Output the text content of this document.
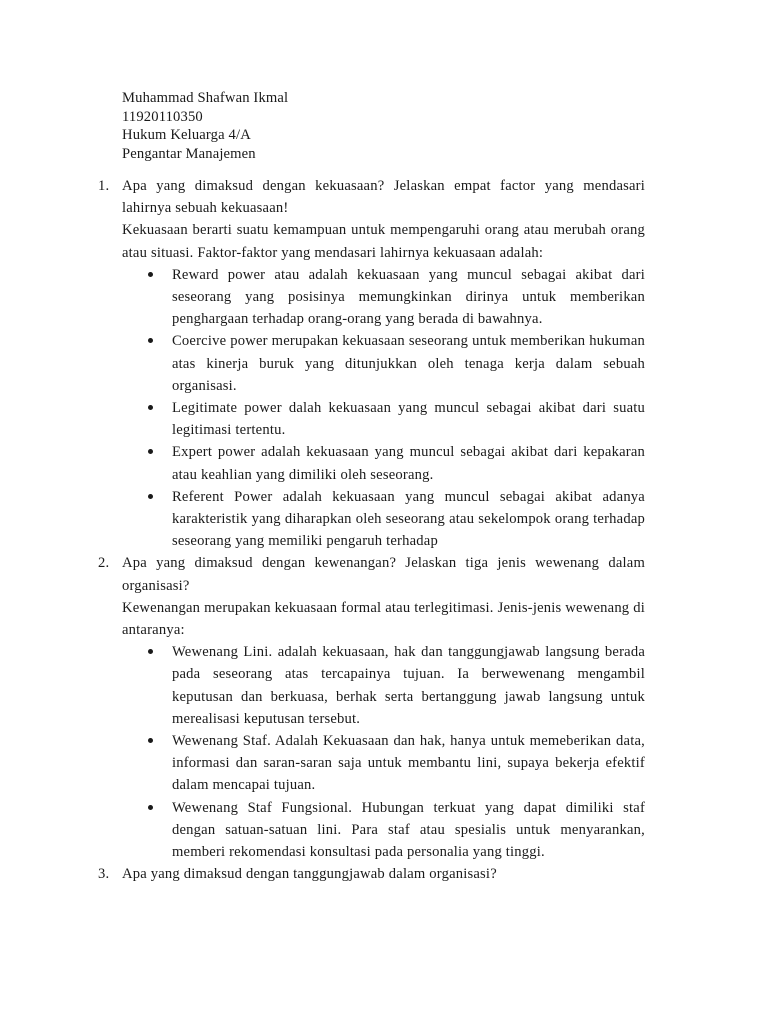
Muhammad Shafwan Ikmal
11920110350
Hukum Keluarga 4/A
Pengantar Manajemen
1. Apa yang dimaksud dengan kekuasaan? Jelaskan empat factor yang mendasari lahirnya sebuah kekuasaan!
Kekuasaan berarti suatu kemampuan untuk mempengaruhi orang atau merubah orang atau situasi. Faktor-faktor yang mendasari lahirnya kekuasaan adalah:
Reward power atau adalah kekuasaan yang muncul sebagai akibat dari seseorang yang posisinya memungkinkan dirinya untuk memberikan penghargaan terhadap orang-orang yang berada di bawahnya.
Coercive power merupakan kekuasaan seseorang untuk memberikan hukuman atas kinerja buruk yang ditunjukkan oleh tenaga kerja dalam sebuah organisasi.
Legitimate power dalah kekuasaan yang muncul sebagai akibat dari suatu legitimasi tertentu.
Expert power adalah kekuasaan yang muncul sebagai akibat dari kepakaran atau keahlian yang dimiliki oleh seseorang.
Referent Power adalah kekuasaan yang muncul sebagai akibat adanya karakteristik yang diharapkan oleh seseorang atau sekelompok orang terhadap seseorang yang memiliki pengaruh terhadap
2. Apa yang dimaksud dengan kewenangan? Jelaskan tiga jenis wewenang dalam organisasi?
Kewenangan merupakan kekuasaan formal atau terlegitimasi. Jenis-jenis wewenang di antaranya:
Wewenang Lini. adalah kekuasaan, hak dan tanggungjawab langsung berada pada seseorang atas tercapainya tujuan. Ia berwewenang mengambil keputusan dan berkuasa, berhak serta bertanggung jawab langsung untuk merealisasi keputusan tersebut.
Wewenang Staf. Adalah Kekuasaan dan hak, hanya untuk memeberikan data, informasi dan saran-saran saja untuk membantu lini, supaya bekerja efektif dalam mencapai tujuan.
Wewenang Staf Fungsional. Hubungan terkuat yang dapat dimiliki staf dengan satuan-satuan lini. Para staf atau spesialis untuk menyarankan, memberi rekomendasi konsultasi pada personalia yang tinggi.
3. Apa yang dimaksud dengan tanggungjawab dalam organisasi?
